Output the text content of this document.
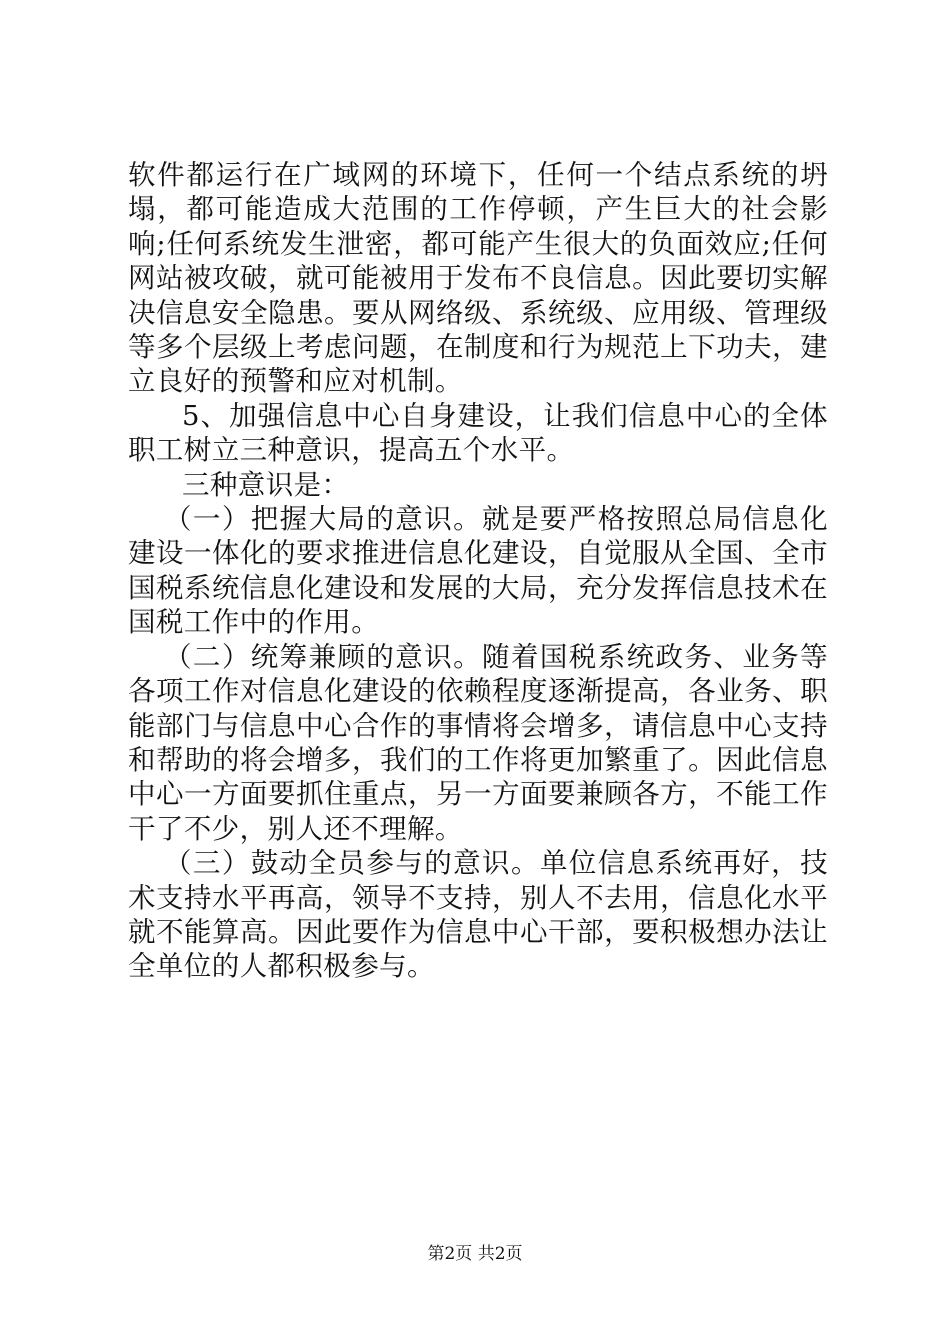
软件都运行在广域网的环境下，任何一个结点系统的坍塌，都可能造成大范围的工作停顿，产生巨大的社会影响;任何系统发生泄密，都可能产生很大的负面效应;任何网站被攻破，就可能被用于发布不良信息。因此要切实解决信息安全隐患。要从网络级、系统级、应用级、管理级等多个层级上考虑问题，在制度和行为规范上下功夫，建立良好的预警和应对机制。

5、加强信息中心自身建设，让我们信息中心的全体职工树立三种意识，提高五个水平。

三种意识是：

（一）把握大局的意识。就是要严格按照总局信息化建设一体化的要求推进信息化建设，自觉服从全国、全市国税系统信息化建设和发展的大局，充分发挥信息技术在国税工作中的作用。

（二）统筹兼顾的意识。随着国税系统政务、业务等各项工作对信息化建设的依赖程度逐渐提高，各业务、职能部门与信息中心合作的事情将会增多，请信息中心支持和帮助的将会增多，我们的工作将更加繁重了。因此信息中心一方面要抓住重点，另一方面要兼顾各方，不能工作干了不少，别人还不理解。

（三）鼓动全员参与的意识。单位信息系统再好，技术支持水平再高，领导不支持，别人不去用，信息化水平就不能算高。因此要作为信息中心干部，要积极想办法让全单位的人都积极参与。

第2页 共2页
